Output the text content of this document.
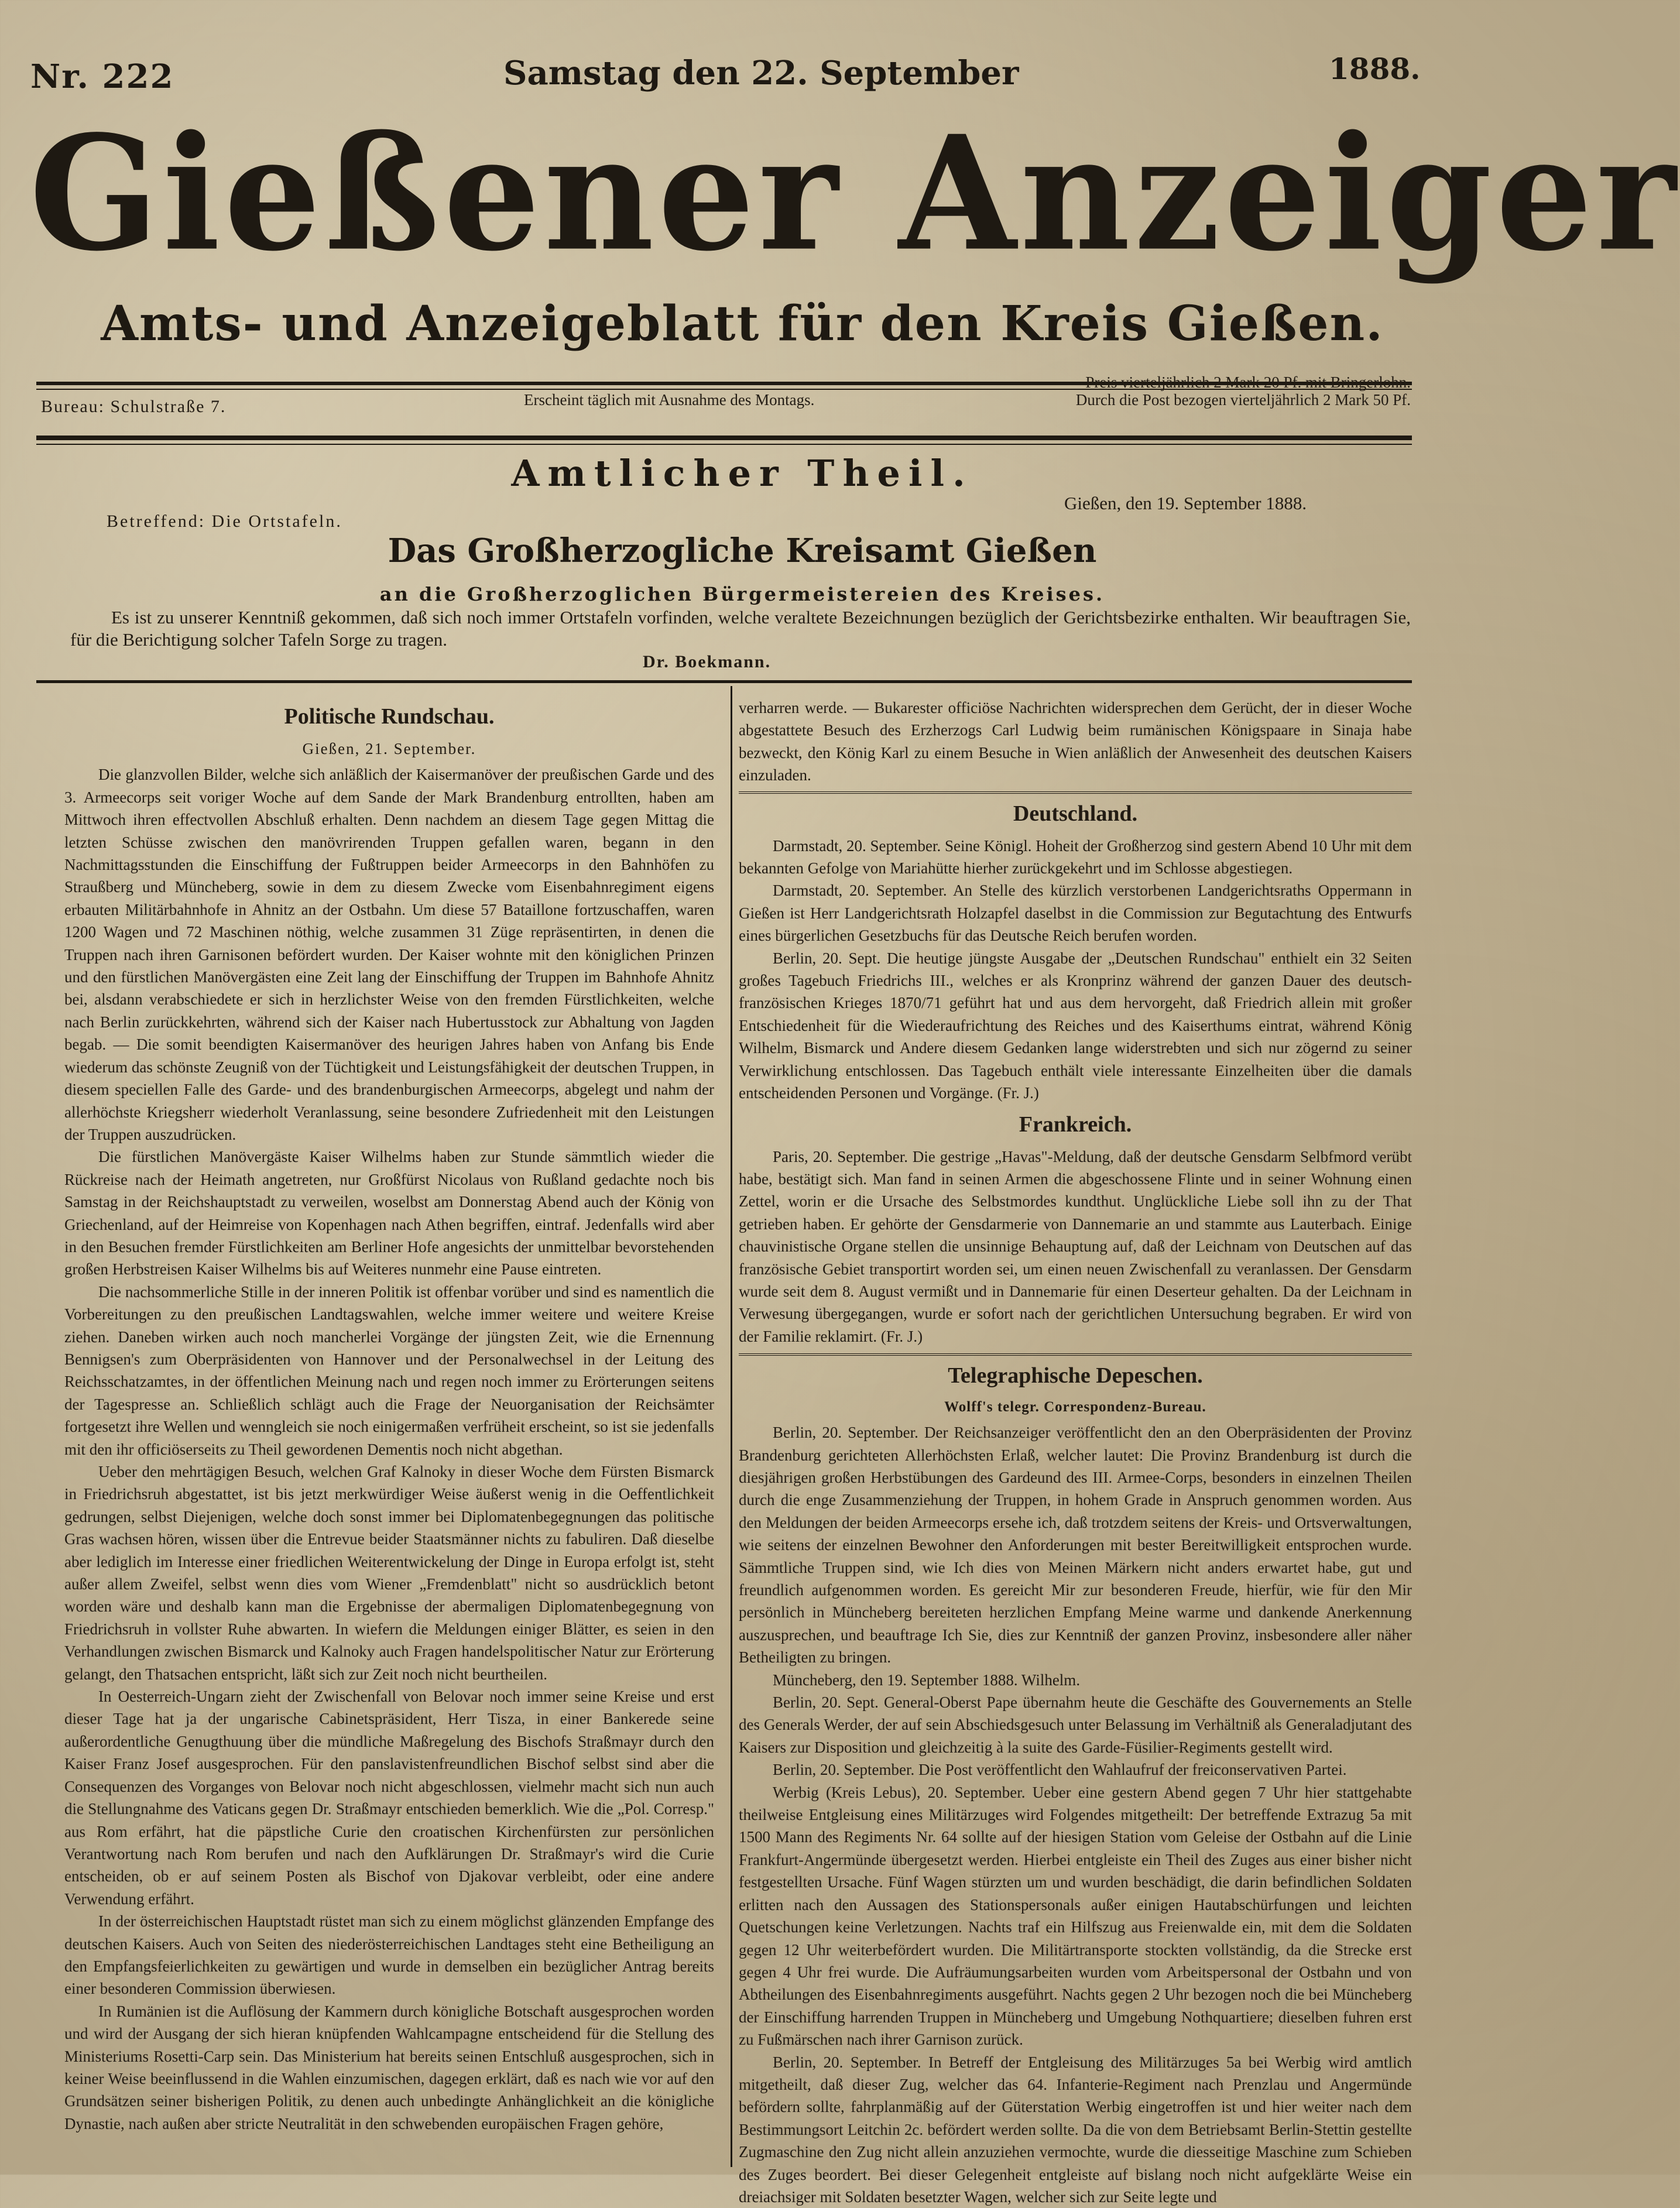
Nr. 222	Samstag den 22. September	1888.
Gießener Anzeiger
Amts- und Anzeigeblatt für den Kreis Gießen.
Bureau: Schulstraße 7.	Erscheint täglich mit Ausnahme des Montags.
Preis vierteljährlich 2 Mark 20 Pf. mit Bringerlohn.
Durch die Post bezogen vierteljährlich 2 Mark 50 Pf.
Amtlicher Theil.
Gießen, den 19. September 1888.
Betreffend: Die Ortstafeln.
Das Großherzogliche Kreisamt Gießen
an die Großherzoglichen Bürgermeistereien des Kreises.
Es ist zu unserer Kenntniß gekommen, daß sich noch immer Ortstafeln vorfinden, welche veraltete Bezeichnungen bezüglich der Gerichtsbezirke enthalten. Wir beauftragen Sie, für die Berichtigung solcher Tafeln Sorge zu tragen.
Dr. Boekmann.
Politische Rundschau.
Gießen, 21. September.

Die glanzvollen Bilder, welche sich anläßlich der Kaisermanöver der preußischen Garde und des 3. Armeecorps seit voriger Woche auf dem Sande der Mark Brandenburg entrollten, haben am Mittwoch ihren effectvollen Abschluß erhalten. Denn nachdem an diesem Tage gegen Mittag die letzten Schüsse zwischen den manövrirenden Truppen gefallen waren, begann in den Nachmittagsstunden die Einschiffung der Fußtruppen beider Armeecorps in den Bahnhöfen zu Straußberg und Müncheberg, sowie in dem zu diesem Zwecke vom Eisenbahnregiment eigens erbauten Militärbahnhofe in Ahnitz an der Ostbahn. Um diese 57 Bataillone fortzuschaffen, waren 1200 Wagen und 72 Maschinen nöthig, welche zusammen 31 Züge repräsentirten, in denen die Truppen nach ihren Garnisonen befördert wurden. Der Kaiser wohnte mit den königlichen Prinzen und den fürstlichen Manövergästen eine Zeit lang der Einschiffung der Truppen im Bahnhofe Ahnitz bei, alsdann verabschiedete er sich in herzlichster Weise von den fremden Fürstlichkeiten, welche nach Berlin zurückkehrten, während sich der Kaiser nach Hubertusstock zur Abhaltung von Jagden begab. — Die somit beendigten Kaisermanöver des heurigen Jahres haben von Anfang bis Ende wiederum das schönste Zeugniß von der Tüchtigkeit und Leistungsfähigkeit der deutschen Truppen, in diesem speciellen Falle des Garde- und des brandenburgischen Armeecorps, abgelegt und nahm der allerhöchste Kriegsherr wiederholt Veranlassung, seine besondere Zufriedenheit mit den Leistungen der Truppen auszudrücken.

Die fürstlichen Manövergäste Kaiser Wilhelms haben zur Stunde sämmtlich wieder die Rückreise nach der Heimath angetreten, nur Großfürst Nicolaus von Rußland gedachte noch bis Samstag in der Reichshauptstadt zu verweilen, woselbst am Donnerstag Abend auch der König von Griechenland, auf der Heimreise von Kopenhagen nach Athen begriffen, eintraf. Jedenfalls wird aber in den Besuchen fremder Fürstlichkeiten am Berliner Hofe angesichts der unmittelbar bevorstehenden großen Herbstreisen Kaiser Wilhelms bis auf Weiteres nunmehr eine Pause eintreten.

Die nachsommerliche Stille in der inneren Politik ist offenbar vorüber und sind es namentlich die Vorbereitungen zu den preußischen Landtagswahlen, welche immer weitere und weitere Kreise ziehen. Daneben wirken auch noch mancherlei Vorgänge der jüngsten Zeit, wie die Ernennung Bennigsen's zum Oberpräsidenten von Hannover und der Personalwechsel in der Leitung des Reichsschatzamtes, in der öffentlichen Meinung nach und regen noch immer zu Erörterungen seitens der Tagespresse an. Schließlich schlägt auch die Frage der Neuorganisation der Reichsämter fortgesetzt ihre Wellen und wenngleich sie noch einigermaßen verfrüheit erscheint, so ist sie jedenfalls mit den ihr officiöserseits zu Theil gewordenen Dementis noch nicht abgethan.

Ueber den mehrtägigen Besuch, welchen Graf Kalnoky in dieser Woche dem Fürsten Bismarck in Friedrichsruh abgestattet, ist bis jetzt merkwürdiger Weise äußerst wenig in die Oeffentlichkeit gedrungen, selbst Diejenigen, welche doch sonst immer bei Diplomatenbegegnungen das politische Gras wachsen hören, wissen über die Entrevue beider Staatsmänner nichts zu fabuliren. Daß dieselbe aber lediglich im Interesse einer friedlichen Weiterentwickelung der Dinge in Europa erfolgt ist, steht außer allem Zweifel, selbst wenn dies vom Wiener „Fremdenblatt" nicht so ausdrücklich betont worden wäre und deshalb kann man die Ergebnisse der abermaligen Diplomatenbegegnung von Friedrichsruh in vollster Ruhe abwarten. In wiefern die Meldungen einiger Blätter, es seien in den Verhandlungen zwischen Bismarck und Kalnoky auch Fragen handelspolitischer Natur zur Erörterung gelangt, den Thatsachen entspricht, läßt sich zur Zeit noch nicht beurtheilen.

In Oesterreich-Ungarn zieht der Zwischenfall von Belovar noch immer seine Kreise und erst dieser Tage hat ja der ungarische Cabinetspräsident, Herr Tisza, in einer Bankerede seine außerordentliche Genugthuung über die mündliche Maßregelung des Bischofs Straßmayr durch den Kaiser Franz Josef ausgesprochen. Für den panslavistenfreundlichen Bischof selbst sind aber die Consequenzen des Vorganges von Belovar noch nicht abgeschlossen, vielmehr macht sich nun auch die Stellungnahme des Vaticans gegen Dr. Straßmayr entschieden bemerklich. Wie die „Pol. Corresp." aus Rom erfährt, hat die päpstliche Curie den croatischen Kirchenfürsten zur persönlichen Verantwortung nach Rom berufen und nach den Aufklärungen Dr. Straßmayr's wird die Curie entscheiden, ob er auf seinem Posten als Bischof von Djakovar verbleibt, oder eine andere Verwendung erfährt.

In der österreichischen Hauptstadt rüstet man sich zu einem möglichst glänzenden Empfange des deutschen Kaisers. Auch von Seiten des niederösterreichischen Landtages steht eine Betheiligung an den Empfangsfeierlichkeiten zu gewärtigen und wurde in demselben ein bezüglicher Antrag bereits einer besonderen Commission überwiesen.

In Rumänien ist die Auflösung der Kammern durch königliche Botschaft ausgesprochen worden und wird der Ausgang der sich hieran knüpfenden Wahlcampagne entscheidend für die Stellung des Ministeriums Rosetti-Carp sein. Das Ministerium hat bereits seinen Entschluß ausgesprochen, sich in keiner Weise beeinflussend in die Wahlen einzumischen, dagegen erklärt, daß es nach wie vor auf den Grundsätzen seiner bisherigen Politik, zu denen auch unbedingte Anhänglichkeit an die königliche Dynastie, nach außen aber stricte Neutralität in den schwebenden europäischen Fragen gehöre,

verharren werde. — Bukarester officiöse Nachrichten widersprechen dem Gerücht, der in dieser Woche abgestattete Besuch des Erzherzogs Carl Ludwig beim rumänischen Königspaare in Sinaja habe bezweckt, den König Karl zu einem Besuche in Wien anläßlich der Anwesenheit des deutschen Kaisers einzuladen.

Deutschland.

Darmstadt, 20. September. Seine Königl. Hoheit der Großherzog sind gestern Abend 10 Uhr mit dem bekannten Gefolge von Mariahütte hierher zurückgekehrt und im Schlosse abgestiegen.

Darmstadt, 20. September. An Stelle des kürzlich verstorbenen Landgerichtsraths Oppermann in Gießen ist Herr Landgerichtsrath Holzapfel daselbst in die Commission zur Begutachtung des Entwurfs eines bürgerlichen Gesetzbuchs für das Deutsche Reich berufen worden.

Berlin, 20. Sept. Die heutige jüngste Ausgabe der „Deutschen Rundschau" enthielt ein 32 Seiten großes Tagebuch Friedrichs III., welches er als Kronprinz während der ganzen Dauer des deutsch-französischen Krieges 1870/71 geführt hat und aus dem hervorgeht, daß Friedrich allein mit großer Entschiedenheit für die Wiederaufrichtung des Reiches und des Kaiserthums eintrat, während König Wilhelm, Bismarck und Andere diesem Gedanken lange widerstrebten und sich nur zögernd zu seiner Verwirklichung entschlossen. Das Tagebuch enthält viele interessante Einzelheiten über die damals entscheidenden Personen und Vorgänge. (Fr. J.)

Frankreich.

Paris, 20. September. Die gestrige „Havas"-Meldung, daß der deutsche Gensdarm Selbfmord verübt habe, bestätigt sich. Man fand in seinen Armen die abgeschossene Flinte und in seiner Wohnung einen Zettel, worin er die Ursache des Selbstmordes kundthut. Unglückliche Liebe soll ihn zu der That getrieben haben. Er gehörte der Gensdarmerie von Dannemarie an und stammte aus Lauterbach. Einige chauvinistische Organe stellen die unsinnige Behauptung auf, daß der Leichnam von Deutschen auf das französische Gebiet transportirt worden sei, um einen neuen Zwischenfall zu veranlassen. Der Gensdarm wurde seit dem 8. August vermißt und in Dannemarie für einen Deserteur gehalten. Da der Leichnam in Verwesung übergegangen, wurde er sofort nach der gerichtlichen Untersuchung begraben. Er wird von der Familie reklamirt. (Fr. J.)

Telegraphische Depeschen.
Wolff's telegr. Correspondenz-Bureau.

Berlin, 20. September. Der Reichsanzeiger veröffentlicht den an den Oberpräsidenten der Provinz Brandenburg gerichteten Allerhöchsten Erlaß, welcher lautet: Die Provinz Brandenburg ist durch die diesjährigen großen Herbstübungen des Gardeund des III. Armee-Corps, besonders in einzelnen Theilen durch die enge Zusammenziehung der Truppen, in hohem Grade in Anspruch genommen worden. Aus den Meldungen der beiden Armeecorps ersehe ich, daß trotzdem seitens der Kreis- und Ortsverwaltungen, wie seitens der einzelnen Bewohner den Anforderungen mit bester Bereitwilligkeit entsprochen wurde. Sämmtliche Truppen sind, wie Ich dies von Meinen Märkern nicht anders erwartet habe, gut und freundlich aufgenommen worden. Es gereicht Mir zur besonderen Freude, hierfür, wie für den Mir persönlich in Müncheberg bereiteten herzlichen Empfang Meine warme und dankende Anerkennung auszusprechen, und beauftrage Ich Sie, dies zur Kenntniß der ganzen Provinz, insbesondere aller näher Betheiligten zu bringen.

Müncheberg, den 19. September 1888. Wilhelm.

Berlin, 20. Sept. General-Oberst Pape übernahm heute die Geschäfte des Gouvernements an Stelle des Generals Werder, der auf sein Abschiedsgesuch unter Belassung im Verhältniß als Generaladjutant des Kaisers zur Disposition und gleichzeitig à la suite des Garde-Füsilier-Regiments gestellt wird.

Berlin, 20. September. Die Post veröffentlicht den Wahlaufruf der freiconservativen Partei.

Werbig (Kreis Lebus), 20. September. Ueber eine gestern Abend gegen 7 Uhr hier stattgehabte theilweise Entgleisung eines Militärzuges wird Folgendes mitgetheilt: Der betreffende Extrazug 5a mit 1500 Mann des Regiments Nr. 64 sollte auf der hiesigen Station vom Geleise der Ostbahn auf die Linie Frankfurt-Angermünde übergesetzt werden. Hierbei entgleiste ein Theil des Zuges aus einer bisher nicht festgestellten Ursache. Fünf Wagen stürzten um und wurden beschädigt, die darin befindlichen Soldaten erlitten nach den Aussagen des Stationspersonals außer einigen Hautabschürfungen und leichten Quetschungen keine Verletzungen. Nachts traf ein Hilfszug aus Freienwalde ein, mit dem die Soldaten gegen 12 Uhr weiterbefördert wurden. Die Militärtransporte stockten vollständig, da die Strecke erst gegen 4 Uhr frei wurde. Die Aufräumungsarbeiten wurden vom Arbeitspersonal der Ostbahn und von Abtheilungen des Eisenbahnregiments ausgeführt. Nachts gegen 2 Uhr bezogen noch die bei Müncheberg der Einschiffung harrenden Truppen in Müncheberg und Umgebung Nothquartiere; dieselben fuhren erst zu Fußmärschen nach ihrer Garnison zurück.

Berlin, 20. September. In Betreff der Entgleisung des Militärzuges 5a bei Werbig wird amtlich mitgetheilt, daß dieser Zug, welcher das 64. Infanterie-Regiment nach Prenzlau und Angermünde befördern sollte, fahrplanmäßig auf der Güterstation Werbig eingetroffen ist und hier weiter nach dem Bestimmungsort Leitchin 2c. befördert werden sollte. Da die von dem Betriebsamt Berlin-Stettin gestellte Zugmaschine den Zug nicht allein anzuziehen vermochte, wurde die diesseitige Maschine zum Schieben des Zuges beordert. Bei dieser Gelegenheit entgleiste auf bislang noch nicht aufgeklärte Weise ein dreiachsiger mit Soldaten besetzter Wagen, welcher sich zur Seite legte und
